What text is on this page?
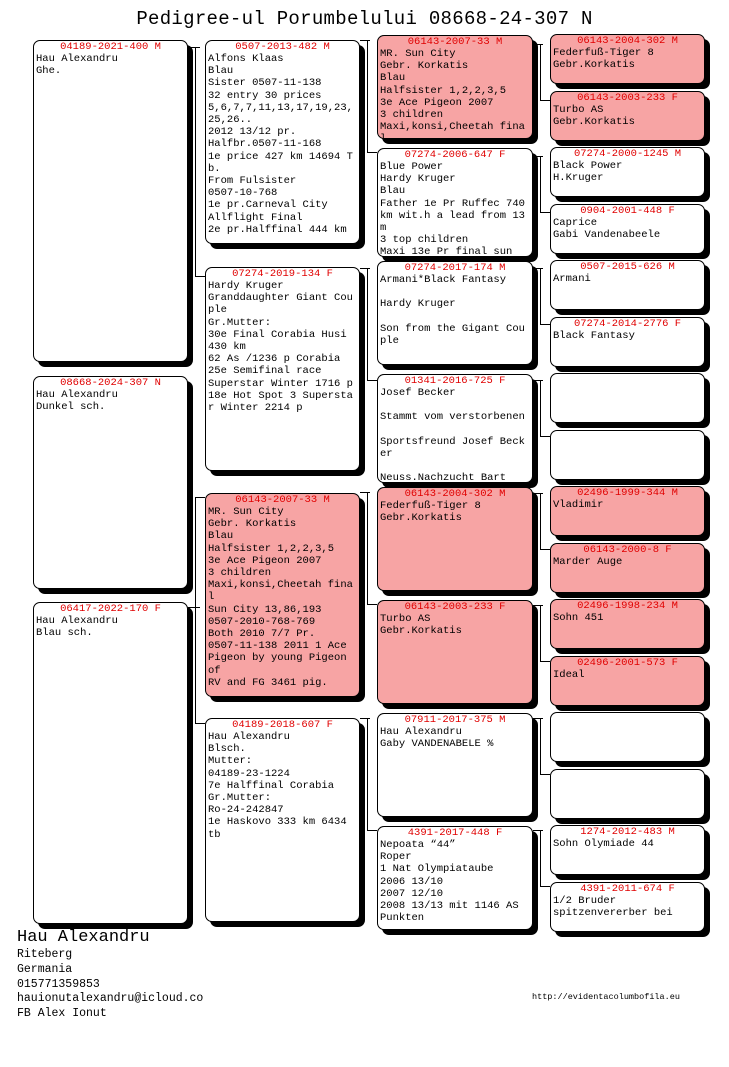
Pedigree-ul Porumbelului 08668-24-307 N
04189-2021-400 M
Hau Alexandru
Ghe.
08668-2024-307 N
Hau Alexandru
Dunkel sch.
06417-2022-170 F
Hau Alexandru
Blau sch.
0507-2013-482 M
Alfons Klaas
Blau
Sister 0507-11-138
32 entry 30 prices
5,6,7,7,11,13,17,19,23,25,26..
2012 13/12 pr.
Halfbr.0507-11-168
1e price 427 km 14694 Tb.
From Fulsister
0507-10-768
1e pr.Carneval City
Allflight Final
2e pr.Halffinal 444 km
07274-2019-134 F
Hardy Kruger
Granddaughter Giant Couple
Gr.Mutter:
30e Final Corabia Husi 430 km
62 As /1236 p Corabia
25e Semifinal race
Superstar Winter 1716 p
18e Hot Spot 3 Superstar Winter 2214 p
06143-2007-33 M
MR. Sun City
Gebr. Korkatis
Blau
Halfsister 1,2,2,3,5
3e Ace Pigeon 2007
3 children
Maxi,konsi,Cheetah final
Sun City 13,86,193
0507-2010-768-769
Both 2010 7/7 Pr.
0507-11-138 2011 1 Ace Pigeon by young Pigeon of
RV and FG 3461 pig.
04189-2018-607 F
Hau Alexandru
Blsch.
Mutter:
04189-23-1224
7e Halffinal Corabia
Gr.Mutter:
Ro-24-242847
1e Haskovo 333 km 6434 tb
06143-2007-33 M
MR. Sun City
Gebr. Korkatis
Blau
Halfsister 1,2,2,3,5
3e Ace Pigeon 2007
3 children
Maxi,konsi,Cheetah final
07274-2006-647 F
Blue Power
Hardy Kruger
Blau
Father 1e Pr Ruffec 740 km wit.h a lead from 13 m
3 top children
Maxi 13e Pr final sun
07274-2017-174 M
Armani*Black Fantasy

Hardy Kruger

Son from the Gigant Couple
01341-2016-725 F
Josef Becker

Stammt vom verstorbenen

Sportsfreund Josef Becker

Neuss.Nachzucht Bart
06143-2004-302 M
Federfuß-Tiger 8
Gebr.Korkatis
06143-2003-233 F
Turbo AS
Gebr.Korkatis
07911-2017-375 M
Hau Alexandru
Gaby VANDENABELE %
4391-2017-448 F
Nepoata “44”
Roper
1 Nat Olympiataube
2006 13/10
2007 12/10
2008 13/13 mit 1146 AS Punkten
06143-2004-302 M
Federfuß-Tiger 8
Gebr.Korkatis
06143-2003-233 F
Turbo AS
Gebr.Korkatis
07274-2000-1245 M
Black Power
H.Kruger
0904-2001-448 F
Caprice
Gabi Vandenabeele
0507-2015-626 M
Armani
07274-2014-2776 F
Black Fantasy
02496-1999-344 M
Vladimir
06143-2000-8 F
Marder Auge
02496-1998-234 M
Sohn 451
02496-2001-573 F
Ideal
1274-2012-483 M
Sohn Olymiade 44
4391-2011-674 F
1/2 Bruder
spitzenvererber bei
Hau Alexandru
Riteberg
Germania
015771359853
hauionutalexandru@icloud.co
FB Alex Ionut
http://evidentacolumbofila.eu
